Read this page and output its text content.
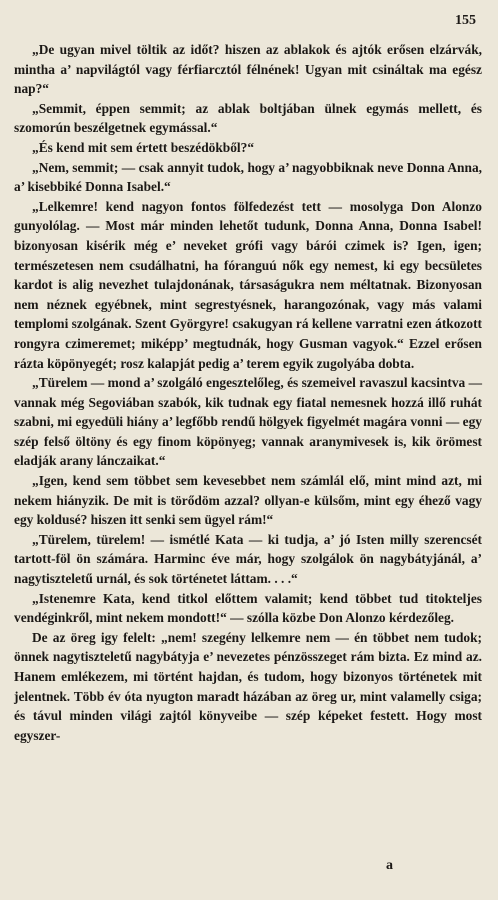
155

„De ugyan mivel töltik az időt? hiszen az ablakok és ajtók erősen elzárvák, mintha a’ napvilágtól vagy férfiarcztól félnének! Ugyan mit csináltak ma egész nap?“

„Semmit, éppen semmit; az ablak boltjában ülnek egymás mellett, és szomorún beszélgetnek egymással.“

„És kend mit sem értett beszédökből?“

„Nem, semmit; — csak annyit tudok, hogy a’ nagyobbiknak neve Donna Anna, a’ kisebbiké Donna Isabel.“

„Lelkemre! kend nagyon fontos fölfedezést tett — mosolyga Don Alonzo gunyolólag. — Most már minden lehetőt tudunk, Donna Anna, Donna Isabel! bizonyosan kisérik még e’ neveket grófi vagy bárói czimek is? Igen, igen; természetesen nem csudálhatni, ha fóranguú nők egy nemest, ki egy becsületes kardot is alig nevezhet tulajdonának, társaságukra nem méltatnak. Bizonyosan nem néznek egyébnek, mint segrestyésnek, harangozónak, vagy más valami templomi szolgának. Szent Györgyre! csakugyan rá kellene varratni ezen átkozott rongyra czimeremet; miképp’ megtudnák, hogy Gusman vagyok.“ Ezzel erősen rázta köpönyegét; rosz kalapját pedig a’ terem egyik zugolyába dobta.

„Türelem — mond a’ szolgáló engesztelőleg, és szemeivel ravaszul kacsintva — vannak még Segoviában szabók, kik tudnak egy fiatal nemesnek hozzá illő ruhát szabni, mi egyedüli hiány a’ legfőbb rendű hölgyek figyelmét magára vonni — egy szép felső öltöny és egy finom köpönyeg; vannak aranymivesek is, kik örömest eladják arany lánczaikat.“

„Igen, kend sem többet sem kevesebbet nem számlál elő, mint mind azt, mi nekem hiányzik. De mit is törődöm azzal? ollyan-e külsőm, mint egy éhező vagy egy koldusé? hiszen itt senki sem ügyel rám!“

„Türelem, türelem! — ismétlé Kata — ki tudja, a’ jó Isten milly szerencsét tartott-föl ön számára. Harminc éve már, hogy szolgálok ön nagybátyjánál, a’ nagytiszteletű urnál, és sok történetet láttam. . . .“

„Istenemre Kata, kend titkol előttem valamit; kend többet tud titokteljes vendéginkről, mint nekem mondott!“ — szólla közbe Don Alonzo kérdezőleg.

De az öreg igy felelt: „nem! szegény lelkemre nem — én többet nem tudok; önnek nagytiszteletű nagybátyja e’ nevezetes pénzösszeget rám bizta. Ez mind az. Hanem emlékezem, mi történt hajdan, és tudom, hogy bizonyos történetek mit jelentnek. Több év óta nyugton maradt házában az öreg ur, mint valamelly csiga; és távul minden világi zajtól könyveibe — szép képeket festett. Hogy most egyszer-

a
